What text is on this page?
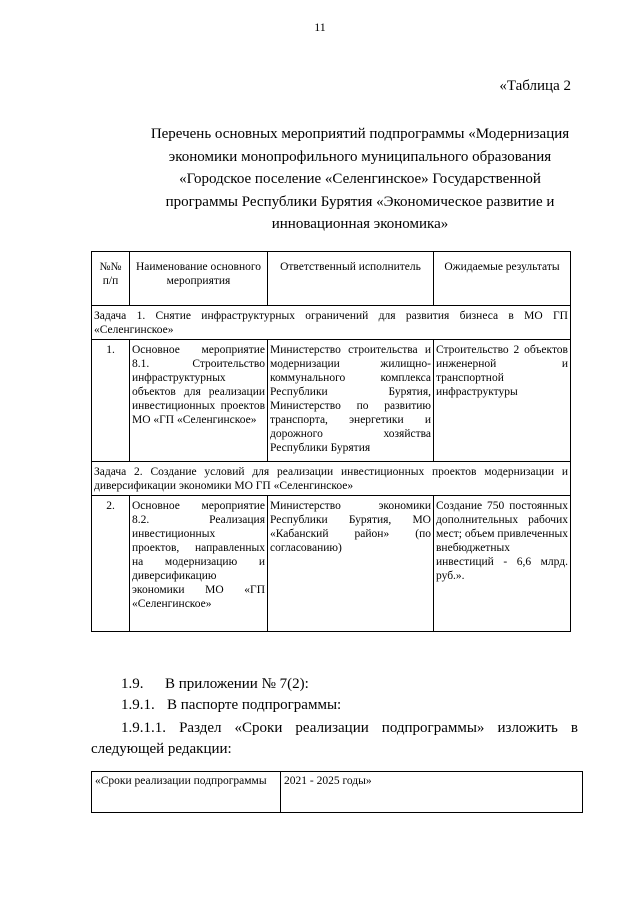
11
«Таблица 2
Перечень основных мероприятий подпрограммы «Модернизация
экономики монопрофильного муниципального образования
«Городское поселение «Селенгинское» Государственной
программы Республики Бурятия «Экономическое развитие и
инновационная экономика»
№№ п/п	Наименование основного мероприятия	Ответственный исполнитель	Ожидаемые результаты
Задача 1. Снятие инфраструктурных ограничений для развития бизнеса в МО ГП «Селенгинское»			
1.	Основное мероприятие 8.1. Строительство инфраструктурных объектов для реализации инвестиционных проектов МО «ГП «Селенгинское»	Министерство строительства и модернизации жилищно-коммунального комплекса Республики Бурятия, Министерство по развитию транспорта, энергетики и дорожного хозяйства Республики Бурятия	Строительство 2 объектов инженерной и транспортной инфраструктуры
Задача 2. Создание условий для реализации инвестиционных проектов модернизации и диверсификации экономики МО ГП «Селенгинское»			
2.	Основное мероприятие 8.2. Реализация инвестиционных проектов, направленных на модернизацию и диверсификацию экономики МО «ГП «Селенгинское»	Министерство экономики Республики Бурятия, МО «Кабанский район» (по согласованию)	Создание 750 постоянных дополнительных рабочих мест; объем привлеченных внебюджетных инвестиций - 6,6 млрд. руб.».
1.9. В приложении № 7(2):
1.9.1. В паспорте подпрограммы:
1.9.1.1. Раздел «Сроки реализации подпрограммы» изложить в следующей редакции:
«Сроки реализации подпрограммы	2021 - 2025 годы»
